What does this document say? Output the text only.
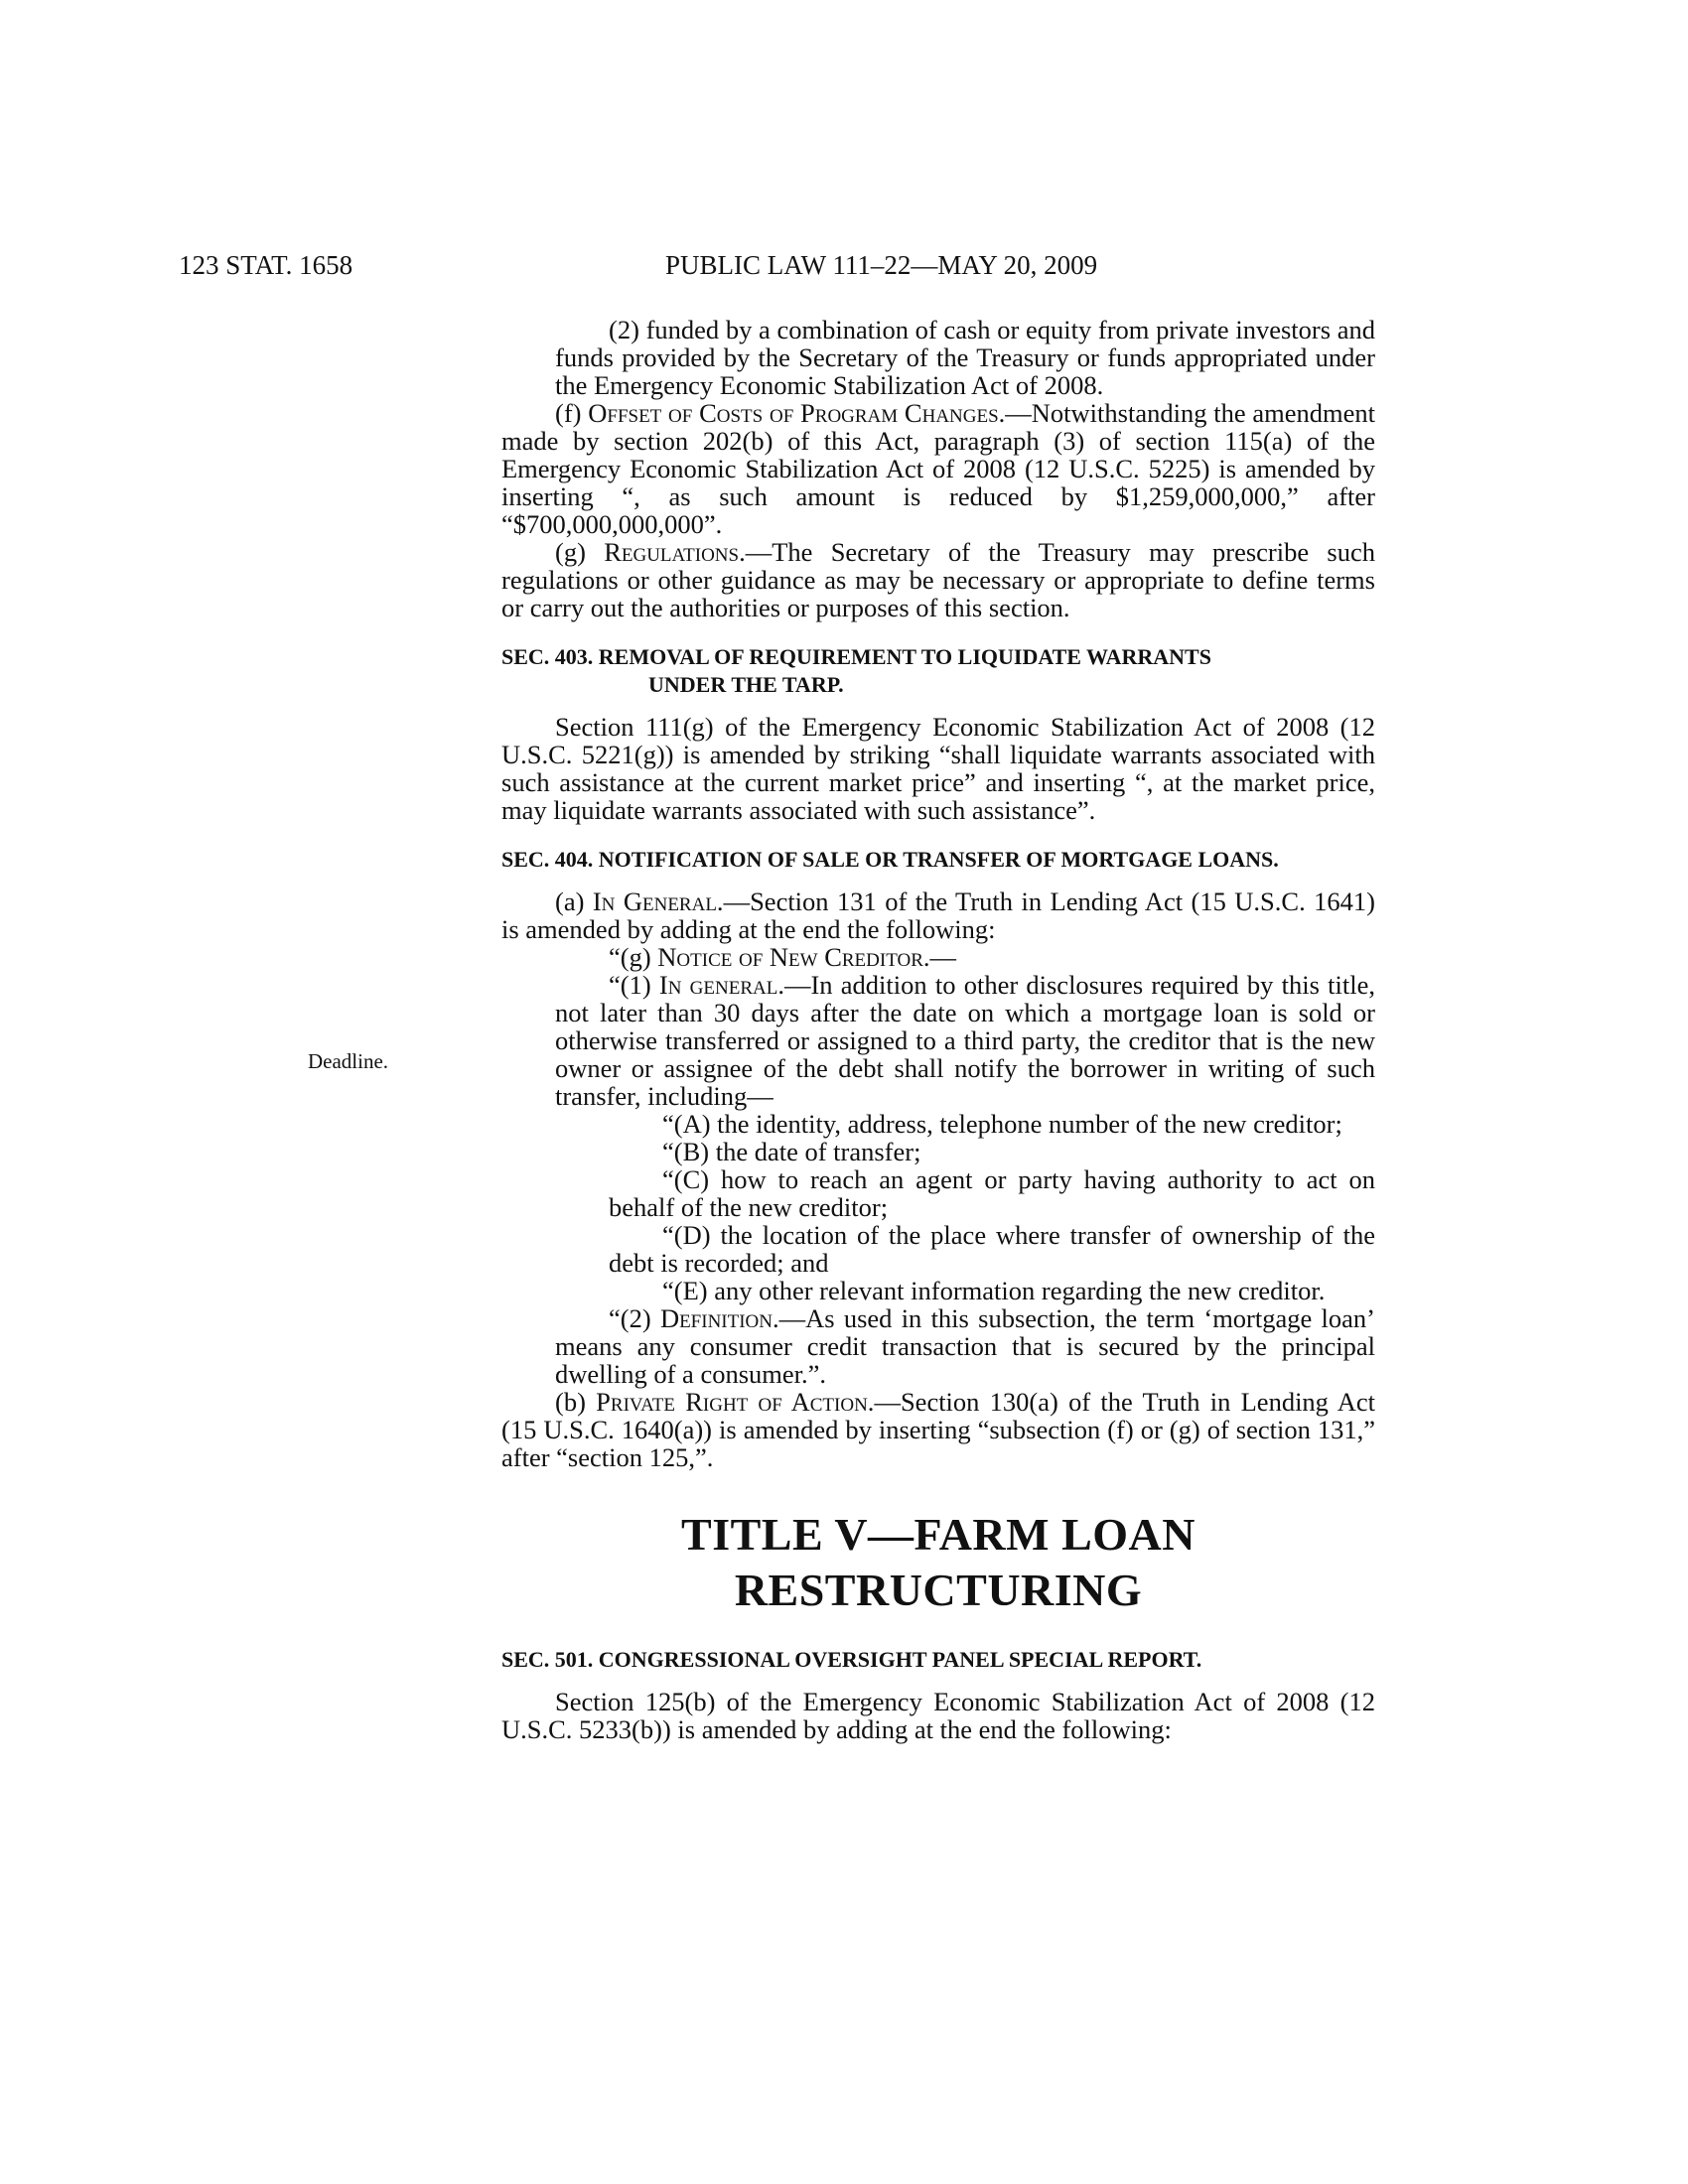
123 STAT. 1658	PUBLIC LAW 111–22—MAY 20, 2009
Deadline.

(2) funded by a combination of cash or equity from private investors and funds provided by the Secretary of the Treasury or funds appropriated under the Emergency Economic Stabilization Act of 2008.

(f) Offset of Costs of Program Changes.—Notwithstanding the amendment made by section 202(b) of this Act, paragraph (3) of section 115(a) of the Emergency Economic Stabilization Act of 2008 (12 U.S.C. 5225) is amended by inserting “, as such amount is reduced by $1,259,000,000,” after “$700,000,000,000”.

(g) Regulations.—The Secretary of the Treasury may prescribe such regulations or other guidance as may be necessary or appropriate to define terms or carry out the authorities or purposes of this section.

SEC. 403. REMOVAL OF REQUIREMENT TO LIQUIDATE WARRANTS
UNDER THE TARP.

Section 111(g) of the Emergency Economic Stabilization Act of 2008 (12 U.S.C. 5221(g)) is amended by striking “shall liquidate warrants associated with such assistance at the current market price” and inserting “, at the market price, may liquidate warrants associated with such assistance”.

SEC. 404. NOTIFICATION OF SALE OR TRANSFER OF MORTGAGE LOANS.

(a) In General.—Section 131 of the Truth in Lending Act (15 U.S.C. 1641) is amended by adding at the end the following:

“(g) Notice of New Creditor.—

“(1) In general.—In addition to other disclosures required by this title, not later than 30 days after the date on which a mortgage loan is sold or otherwise transferred or assigned to a third party, the creditor that is the new owner or assignee of the debt shall notify the borrower in writing of such transfer, including—

“(A) the identity, address, telephone number of the new creditor;

“(B) the date of transfer;

“(C) how to reach an agent or party having authority to act on behalf of the new creditor;

“(D) the location of the place where transfer of ownership of the debt is recorded; and

“(E) any other relevant information regarding the new creditor.

“(2) Definition.—As used in this subsection, the term ‘mortgage loan’ means any consumer credit transaction that is secured by the principal dwelling of a consumer.”.

(b) Private Right of Action.—Section 130(a) of the Truth in Lending Act (15 U.S.C. 1640(a)) is amended by inserting “subsection (f) or (g) of section 131,” after “section 125,”.

TITLE V—FARM LOAN RESTRUCTURING

SEC. 501. CONGRESSIONAL OVERSIGHT PANEL SPECIAL REPORT.

Section 125(b) of the Emergency Economic Stabilization Act of 2008 (12 U.S.C. 5233(b)) is amended by adding at the end the following:
